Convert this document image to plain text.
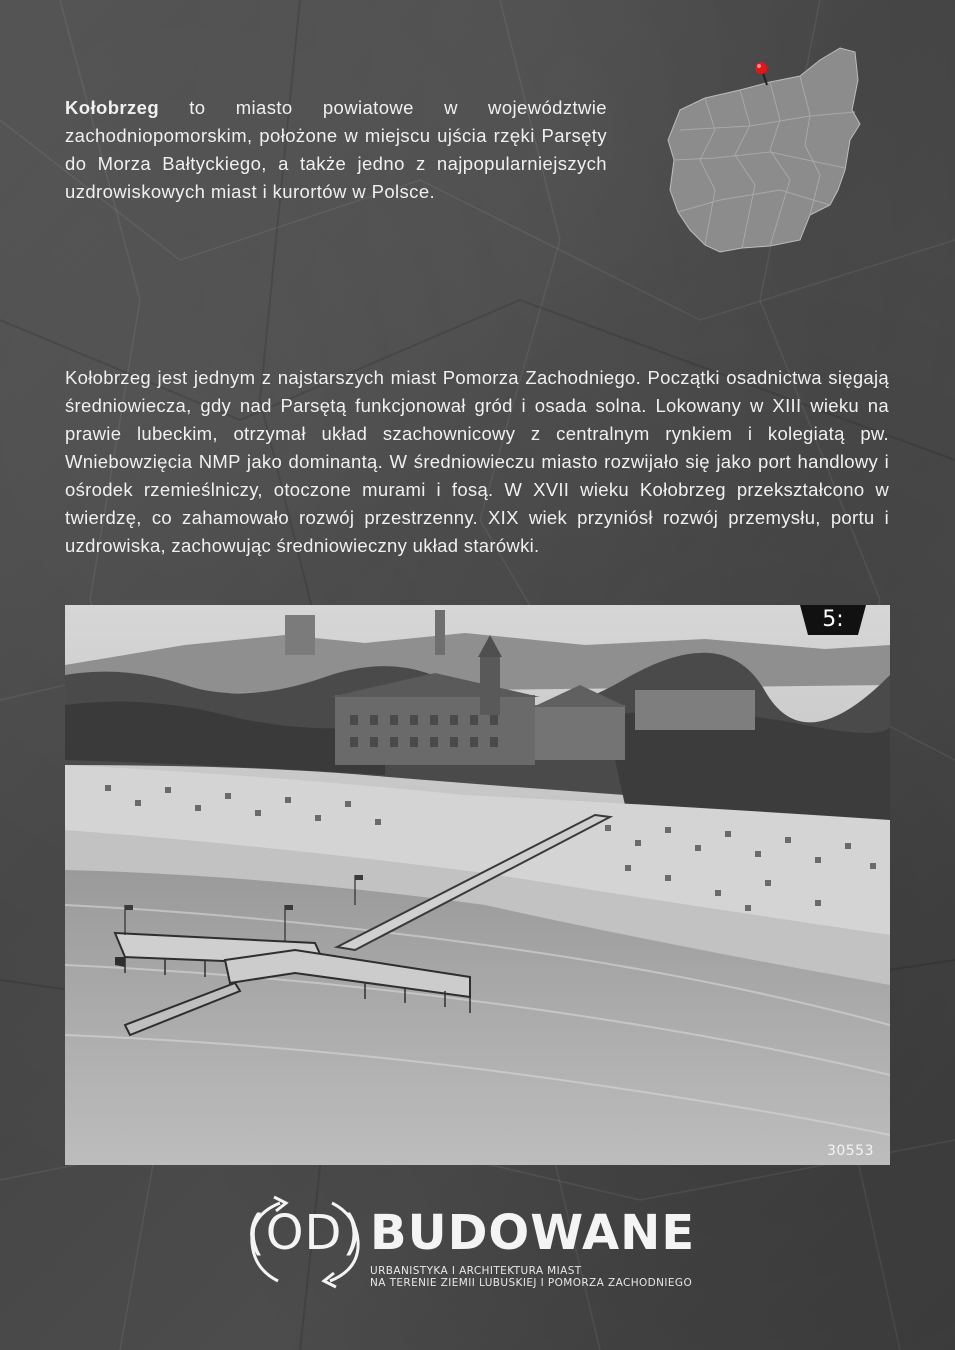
Kołobrzeg to miasto powiatowe w województwie zachodniopomorskim, położone w miejscu ujścia rzęki Parsęty do Morza Bałtyckiego, a także jedno z najpopularniejszych uzdrowiskowych miast i kurortów w Polsce.
Kołobrzeg jest jednym z najstarszych miast Pomorza Zachodniego. Początki osadnictwa sięgają średniowiecza, gdy nad Parsętą funkcjonował gród i osada solna. Lokowany w XIII wieku na prawie lubeckim, otrzymał układ szachownicowy z centralnym rynkiem i kolegiatą pw. Wniebowzięcia NMP jako dominantą. W średniowieczu miasto rozwijało się jako port handlowy i ośrodek rzemieślniczy, otoczone murami i fosą. W XVII wieku Kołobrzeg przekształcono w twierdzę, co zahamowało rozwój przestrzenny. XIX wiek przyniósł rozwój przemysłu, portu i uzdrowiska, zachowując średniowieczny układ starówki.
5:
30553
(OD) BUDOWANE
URBANISTYKA I ARCHITEKTURA MIAST
NA TERENIE ZIEMII LUBUSKIEJ I POMORZA ZACHODNIEGO
